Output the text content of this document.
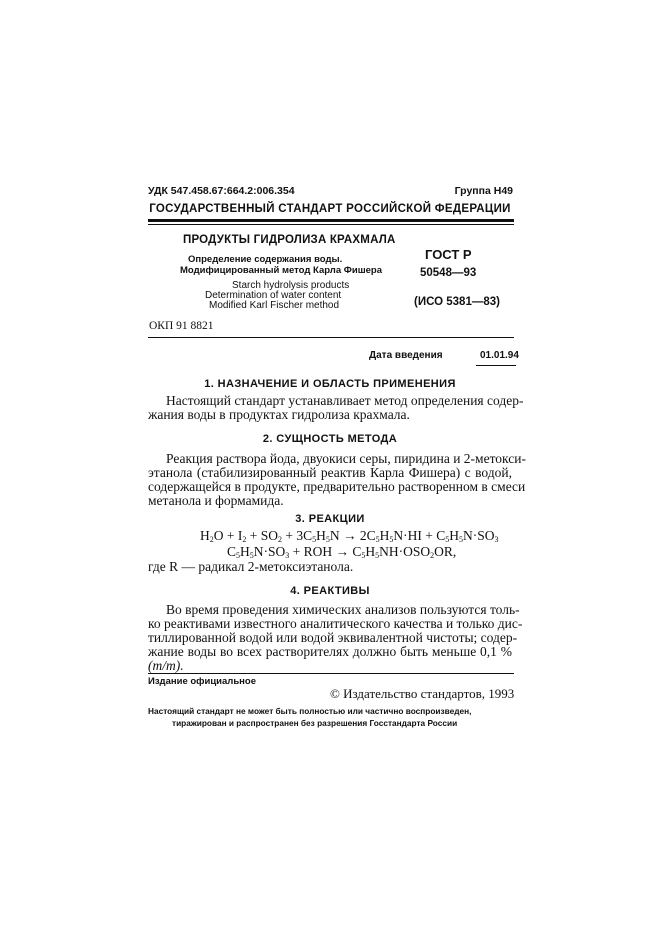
УДК 547.458.67:664.2:006.354	Группа Н49
ГОСУДАРСТВЕННЫЙ СТАНДАРТ РОССИЙСКОЙ ФЕДЕРАЦИИ
ПРОДУКТЫ ГИДРОЛИЗА КРАХМАЛА
Определение содержания воды.
Модифицированный метод Карла Фишера
Starch hydrolysis products
Determination of water content
Modified Karl Fischer method
ГОСТ Р
50548—93
(ИСО 5381—83)
ОКП 91 8821
Дата введения	01.01.94
1. НАЗНАЧЕНИЕ И ОБЛАСТЬ ПРИМЕНЕНИЯ
Настоящий стандарт устанавливает метод определения содер-
жания воды в продуктах гидролиза крахмала.
2. СУЩНОСТЬ МЕТОДА
Реакция раствора йода, двуокиси серы, пиридина и 2-метокси-
этанола (стабилизированный реактив Карла Фишера) с водой,
содержащейся в продукте, предварительно растворенном в смеси
метанола и формамида.
3. РЕАКЦИИ
$H_2O + I_2 + SO_2 + 3C_5H_5N \to 2C_5H_5N\cdot HI + C_5H_5N\cdot SO_3$
$C_5H_5N\cdot SO_3$ + ROH → $C_5H_5NH\cdot OSO_2OR$,
где R — радикал 2-метоксиэтанола.
4. РЕАКТИВЫ
Во время проведения химических анализов пользуются толь-
ко реактивами известного аналитического качества и только дис-
тиллированной водой или водой эквивалентной чистоты; содер-
жание воды во всех растворителях должно быть меньше 0,1 %
(m/m).
Издание официальное
© Издательство стандартов, 1993
Настоящий стандарт не может быть полностью или частично воспроизведен,
тиражирован и распространен без разрешения Госстандарта России
